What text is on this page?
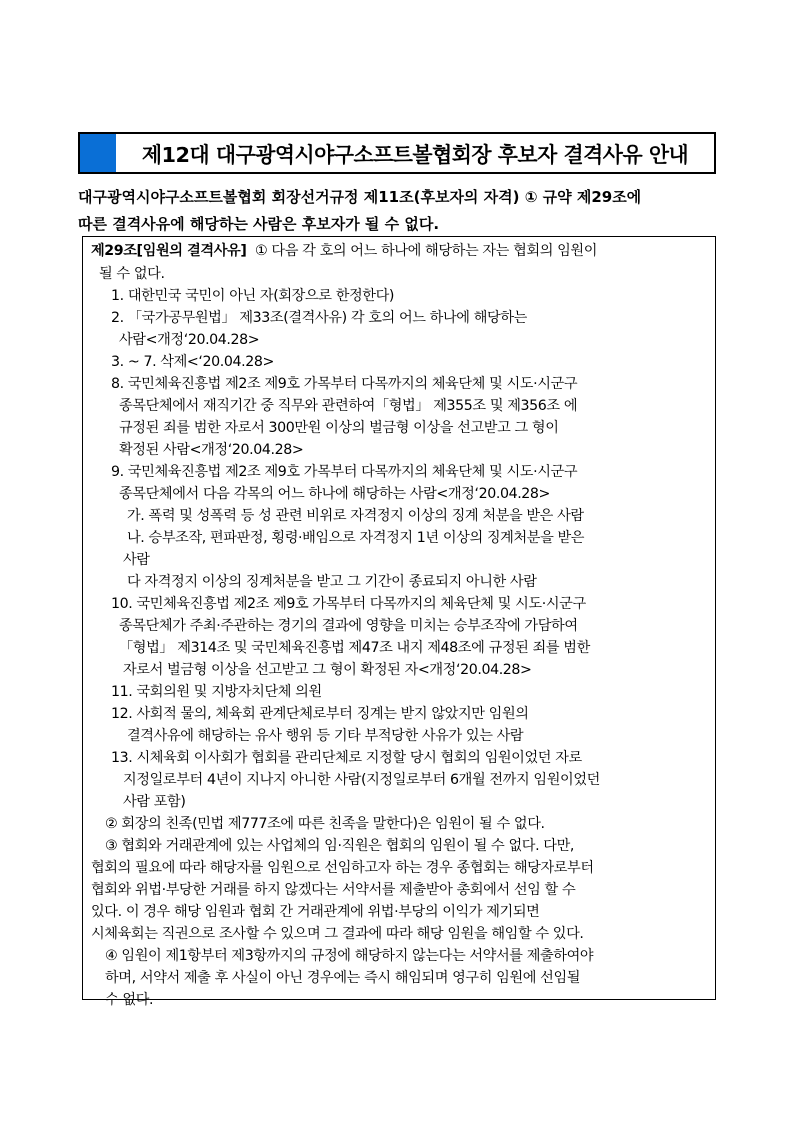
제12대 대구광역시야구소프트볼협회장 후보자 결격사유 안내

대구광역시야구소프트볼협회 회장선거규정 제11조(후보자의 자격) ① 규약 제29조에

따른 결격사유에 해당하는 사람은 후보자가 될 수 없다.

제29조[임원의 결격사유] ① 다음 각 호의 어느 하나에 해당하는 자는 협회의 임원이
될 수 없다.
1. 대한민국 국민이 아닌 자(회장으로 한정한다)
2. 「국가공무원법」 제33조(결격사유) 각 호의 어느 하나에 해당하는
사람<개정‘20.04.28>
3. ~ 7. 삭제<‘20.04.28>
8. 국민체육진흥법 제2조 제9호 가목부터 다목까지의 체육단체 및 시도·시군구
종목단체에서 재직기간 중 직무와 관련하여「형법」 제355조 및 제356조 에
규정된 죄를 범한 자로서 300만원 이상의 벌금형 이상을 선고받고 그 형이
확정된 사람<개정‘20.04.28>
9. 국민체육진흥법 제2조 제9호 가목부터 다목까지의 체육단체 및 시도·시군구
종목단체에서 다음 각목의 어느 하나에 해당하는 사람<개정‘20.04.28>
가. 폭력 및 성폭력 등 성 관련 비위로 자격정지 이상의 징계 처분을 받은 사람
나. 승부조작, 편파판정, 횡령·배임으로 자격정지 1년 이상의 징계처분을 받은
사람
다 자격정지 이상의 징계처분을 받고 그 기간이 종료되지 아니한 사람
10. 국민체육진흥법 제2조 제9호 가목부터 다목까지의 체육단체 및 시도·시군구
종목단체가 주최·주관하는 경기의 결과에 영향을 미치는 승부조작에 가담하여
「형법」 제314조 및 국민체육진흥법 제47조 내지 제48조에 규정된 죄를 범한
자로서 벌금형 이상을 선고받고 그 형이 확정된 자<개정‘20.04.28>
11. 국회의원 및 지방자치단체 의원
12. 사회적 물의, 체육회 관계단체로부터 징계는 받지 않았지만 임원의
결격사유에 해당하는 유사 행위 등 기타 부적당한 사유가 있는 사람
13. 시체육회 이사회가 협회를 관리단체로 지정할 당시 협회의 임원이었던 자로
지정일로부터 4년이 지나지 아니한 사람(지정일로부터 6개월 전까지 임원이었던
사람 포함)
② 회장의 친족(민법 제777조에 따른 친족을 말한다)은 임원이 될 수 없다.
③ 협회와 거래관계에 있는 사업체의 임·직원은 협회의 임원이 될 수 없다. 다만,
협회의 필요에 따라 해당자를 임원으로 선임하고자 하는 경우 종협회는 해당자로부터
협회와 위법·부당한 거래를 하지 않겠다는 서약서를 제출받아 총회에서 선임 할 수
있다. 이 경우 해당 임원과 협회 간 거래관계에 위법·부당의 이익가 제기되면
시체육회는 직권으로 조사할 수 있으며 그 결과에 따라 해당 임원을 해임할 수 있다.
④ 임원이 제1항부터 제3항까지의 규정에 해당하지 않는다는 서약서를 제출하여야
하며, 서약서 제출 후 사실이 아닌 경우에는 즉시 해임되며 영구히 임원에 선임될
수 없다.
